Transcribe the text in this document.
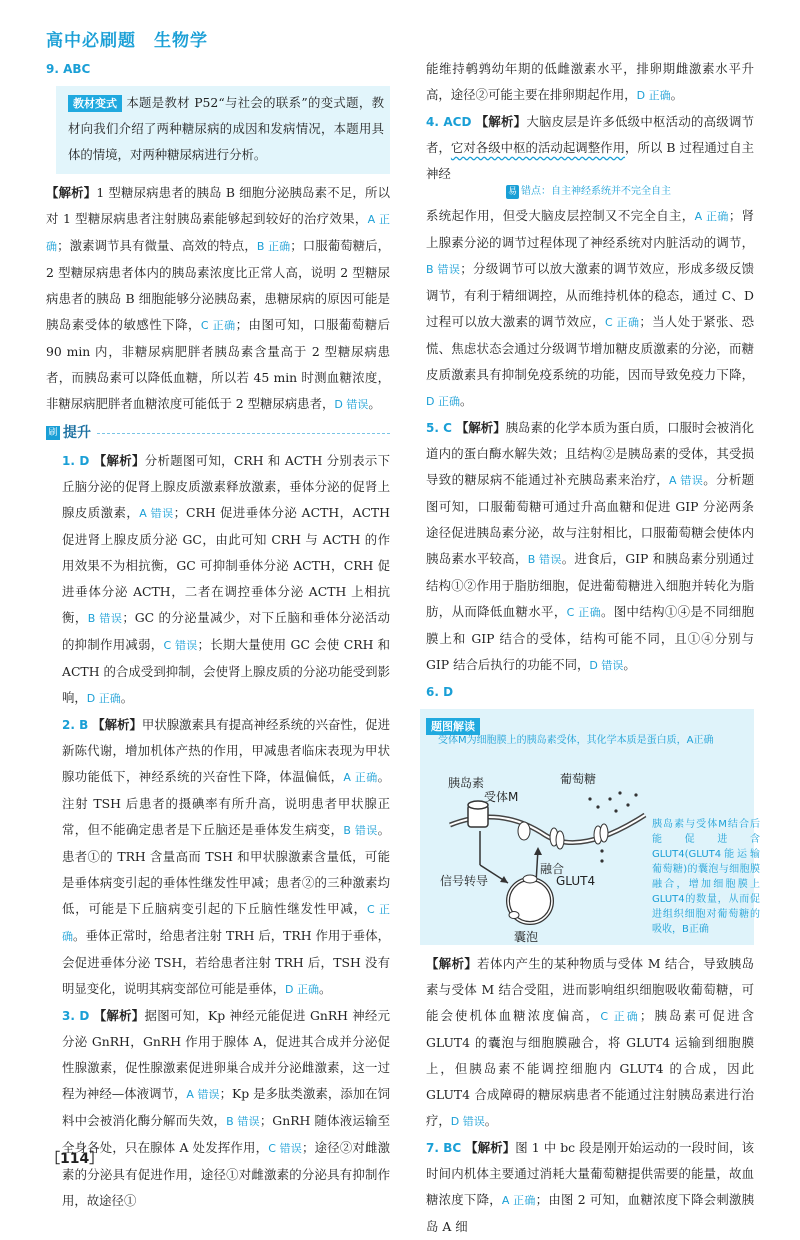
高中必刷题　生物学
9. ABC

教材变式 本题是教材 P52“与社会的联系”的变式题，教材向我们介绍了两种糖尿病的成因和发病情况，本题用具体的情境，对两种糖尿病进行分析。

【解析】1 型糖尿病患者的胰岛 B 细胞分泌胰岛素不足，所以对 1 型糖尿病患者注射胰岛素能够起到较好的治疗效果，A 正确；激素调节具有微量、高效的特点，B 正确；口服葡萄糖后，2 型糖尿病患者体内的胰岛素浓度比正常人高，说明 2 型糖尿病患者的胰岛 B 细胞能够分泌胰岛素，患糖尿病的原因可能是胰岛素受体的敏感性下降，C 正确；由图可知，口服葡萄糖后 90 min 内，非糖尿病肥胖者胰岛素含量高于 2 型糖尿病患者，而胰岛素可以降低血糖，所以若 45 min 时测血糖浓度，非糖尿病肥胖者血糖浓度可能低于 2 型糖尿病患者，D 错误。

刷 提升

1. D 【解析】分析题图可知，CRH 和 ACTH 分别表示下丘脑分泌的促肾上腺皮质激素释放激素，垂体分泌的促肾上腺皮质激素，A 错误；CRH 促进垂体分泌 ACTH，ACTH 促进肾上腺皮质分泌 GC，由此可知 CRH 与 ACTH 的作用效果不为相抗衡，GC 可抑制垂体分泌 ACTH，CRH 促进垂体分泌 ACTH，二者在调控垂体分泌 ACTH 上相抗衡，B 错误；GC 的分泌量减少，对下丘脑和垂体分泌活动的抑制作用减弱，C 错误；长期大量使用 GC 会使 CRH 和 ACTH 的合成受到抑制，会使肾上腺皮质的分泌功能受到影响，D 正确。

2. B 【解析】甲状腺激素具有提高神经系统的兴奋性，促进新陈代谢，增加机体产热的作用，甲减患者临床表现为甲状腺功能低下，神经系统的兴奋性下降，体温偏低，A 正确。注射 TSH 后患者的摄碘率有所升高，说明患者甲状腺正常，但不能确定患者是下丘脑还是垂体发生病变，B 错误。患者①的 TRH 含量高而 TSH 和甲状腺激素含量低，可能是垂体病变引起的垂体性继发性甲减；患者②的三种激素均低，可能是下丘脑病变引起的下丘脑性继发性甲减，C 正确。垂体正常时，给患者注射 TRH 后，TRH 作用于垂体，会促进垂体分泌 TSH，若给患者注射 TRH 后，TSH 没有明显变化，说明其病变部位可能是垂体，D 正确。

3. D 【解析】据图可知，Kp 神经元能促进 GnRH 神经元分泌 GnRH，GnRH 作用于腺体 A，促进其合成并分泌促性腺激素，促性腺激素促进卵巢合成并分泌雌激素，这一过程为神经—体液调节，A 错误；Kp 是多肽类激素，添加在饲料中会被消化酶分解而失效，B 错误；GnRH 随体液运输至全身各处，只在腺体 A 处发挥作用，C 错误；途径②对雌激素的分泌具有促进作用，途径①对雌激素的分泌具有抑制作用，故途径①

能维持鹌鹑幼年期的低雌激素水平，排卵期雌激素水平升高，途径②可能主要在排卵期起作用，D 正确。

4. ACD 【解析】大脑皮层是许多低级中枢活动的高级调节者，它对各级中枢的活动起调整作用，所以 B 过程通过自主神经

易 错点：自主神经系统并不完全自主

系统起作用，但受大脑皮层控制又不完全自主，A 正确；肾上腺素分泌的调节过程体现了神经系统对内脏活动的调节，B 错误；分级调节可以放大激素的调节效应，形成多级反馈调节，有利于精细调控，从而维持机体的稳态，通过 C、D 过程可以放大激素的调节效应，C 正确；当人处于紧张、恐慌、焦虑状态会通过分级调节增加糖皮质激素的分泌，而糖皮质激素具有抑制免疫系统的功能，因而导致免疫力下降，D 正确。

5. C 【解析】胰岛素的化学本质为蛋白质，口服时会被消化道内的蛋白酶水解失效；且结构②是胰岛素的受体，其受损导致的糖尿病不能通过补充胰岛素来治疗，A 错误。分析题图可知，口服葡萄糖可通过升高血糖和促进 GIP 分泌两条途径促进胰岛素分泌，故与注射相比，口服葡萄糖会使体内胰岛素水平较高，B 错误。进食后，GIP 和胰岛素分别通过结构①②作用于脂肪细胞，促进葡萄糖进入细胞并转化为脂肪，从而降低血糖水平，C 正确。图中结构①④是不同细胞膜上和 GIP 结合的受体，结构可能不同，且①④分别与 GIP 结合后执行的功能不同，D 错误。

6. D

题图解读
受体M为细胞膜上的胰岛素受体，其化学本质是蛋白质，A正确
胰岛素
受体M
葡萄糖
信号转导
融合
GLUT4
囊泡
胰岛素与受体M结合后能促进含GLUT4(GLUT4能运输葡萄糖)的囊泡与细胞膜融合，增加细胞膜上GLUT4的数量，从而促进组织细胞对葡萄糖的吸收，B正确

【解析】若体内产生的某种物质与受体 M 结合，导致胰岛素与受体 M 结合受阻，进而影响组织细胞吸收葡萄糖，可能会使机体血糖浓度偏高，C 正确；胰岛素可促进含 GLUT4 的囊泡与细胞膜融合，将 GLUT4 运输到细胞膜上，但胰岛素不能调控细胞内 GLUT4 的合成，因此 GLUT4 合成障碍的糖尿病患者不能通过注射胰岛素进行治疗，D 错误。

7. BC 【解析】图 1 中 bc 段是刚开始运动的一段时间，该时间内机体主要通过消耗大量葡萄糖提供需要的能量，故血糖浓度下降，A 正确；由图 2 可知，血糖浓度下降会刺激胰岛 A 细

［114］
